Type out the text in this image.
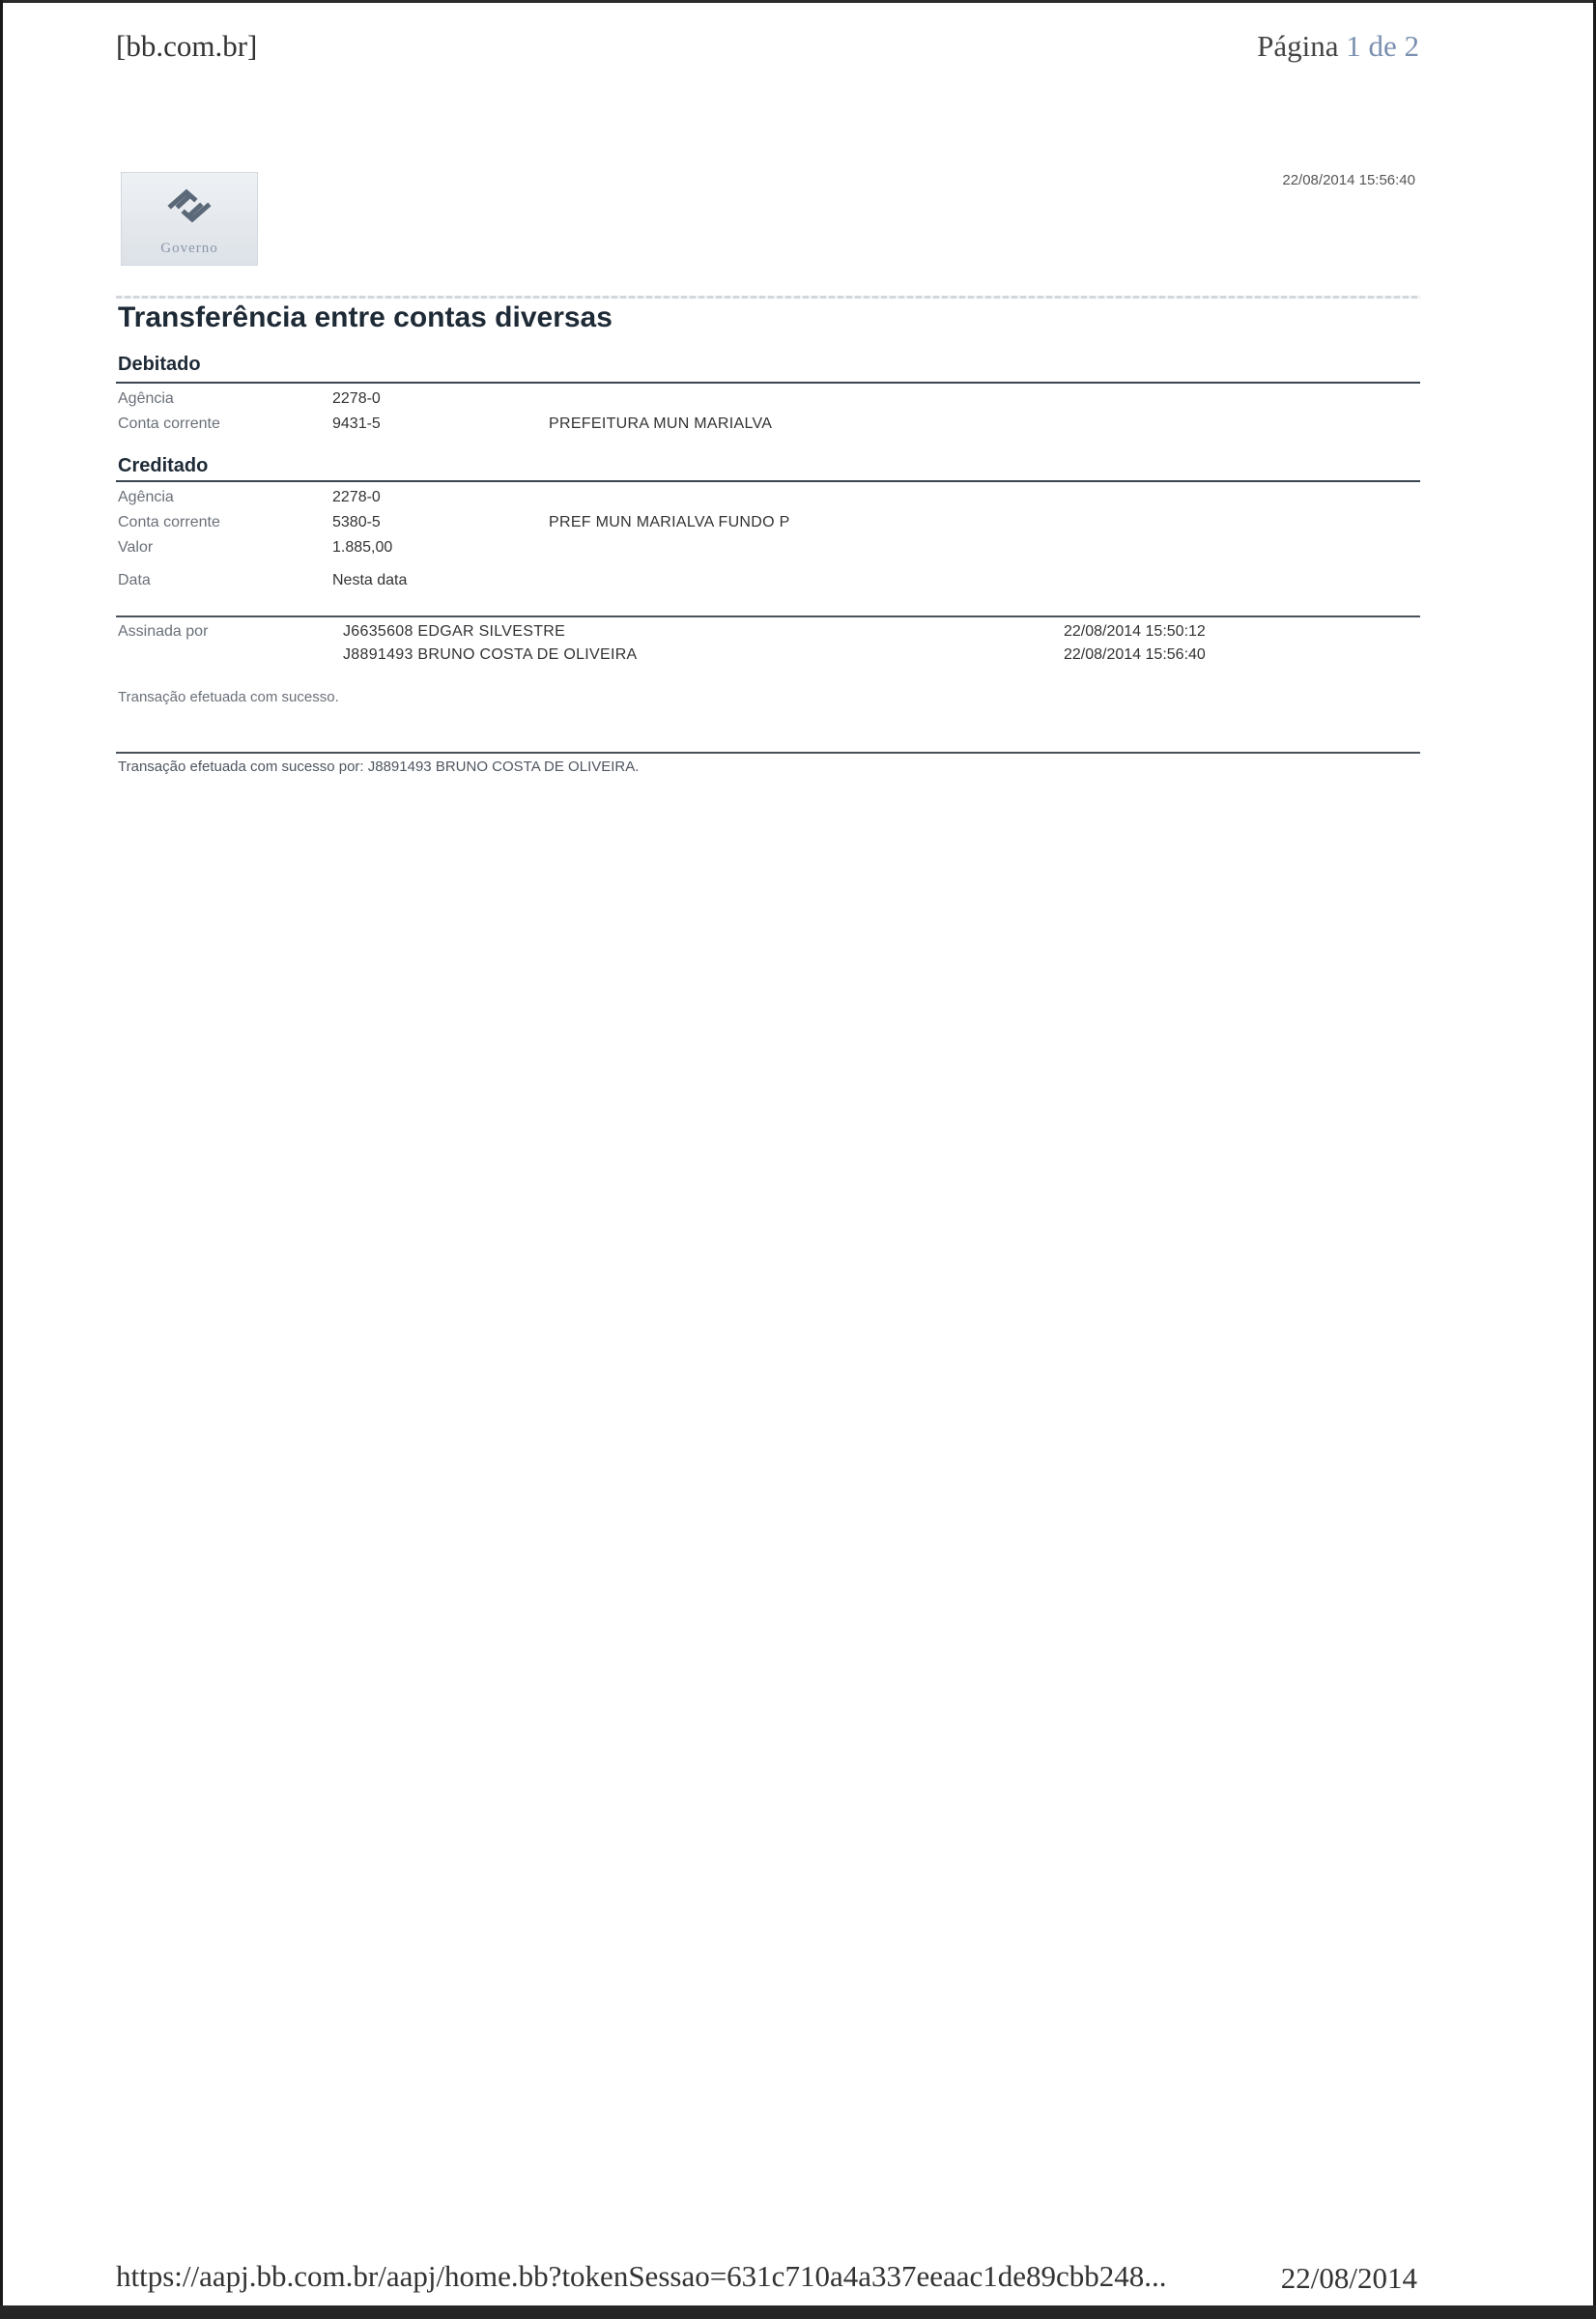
[bb.com.br]	Página 1 de 2
Governo
22/08/2014 15:56:40
Transferência entre contas diversas
Debitado
Agência	2278-0
Conta corrente	9431-5	PREFEITURA MUN MARIALVA
Creditado
Agência	2278-0
Conta corrente	5380-5	PREF MUN MARIALVA FUNDO P
Valor	1.885,00
Data	Nesta data
Assinada por	J6635608 EDGAR SILVESTRE	22/08/2014 15:50:12
J8891493 BRUNO COSTA DE OLIVEIRA	22/08/2014 15:56:40
Transação efetuada com sucesso.
Transação efetuada com sucesso por: J8891493 BRUNO COSTA DE OLIVEIRA.
https://aapj.bb.com.br/aapj/home.bb?tokenSessao=631c710a4a337eeaac1de89cbb248...	22/08/2014
